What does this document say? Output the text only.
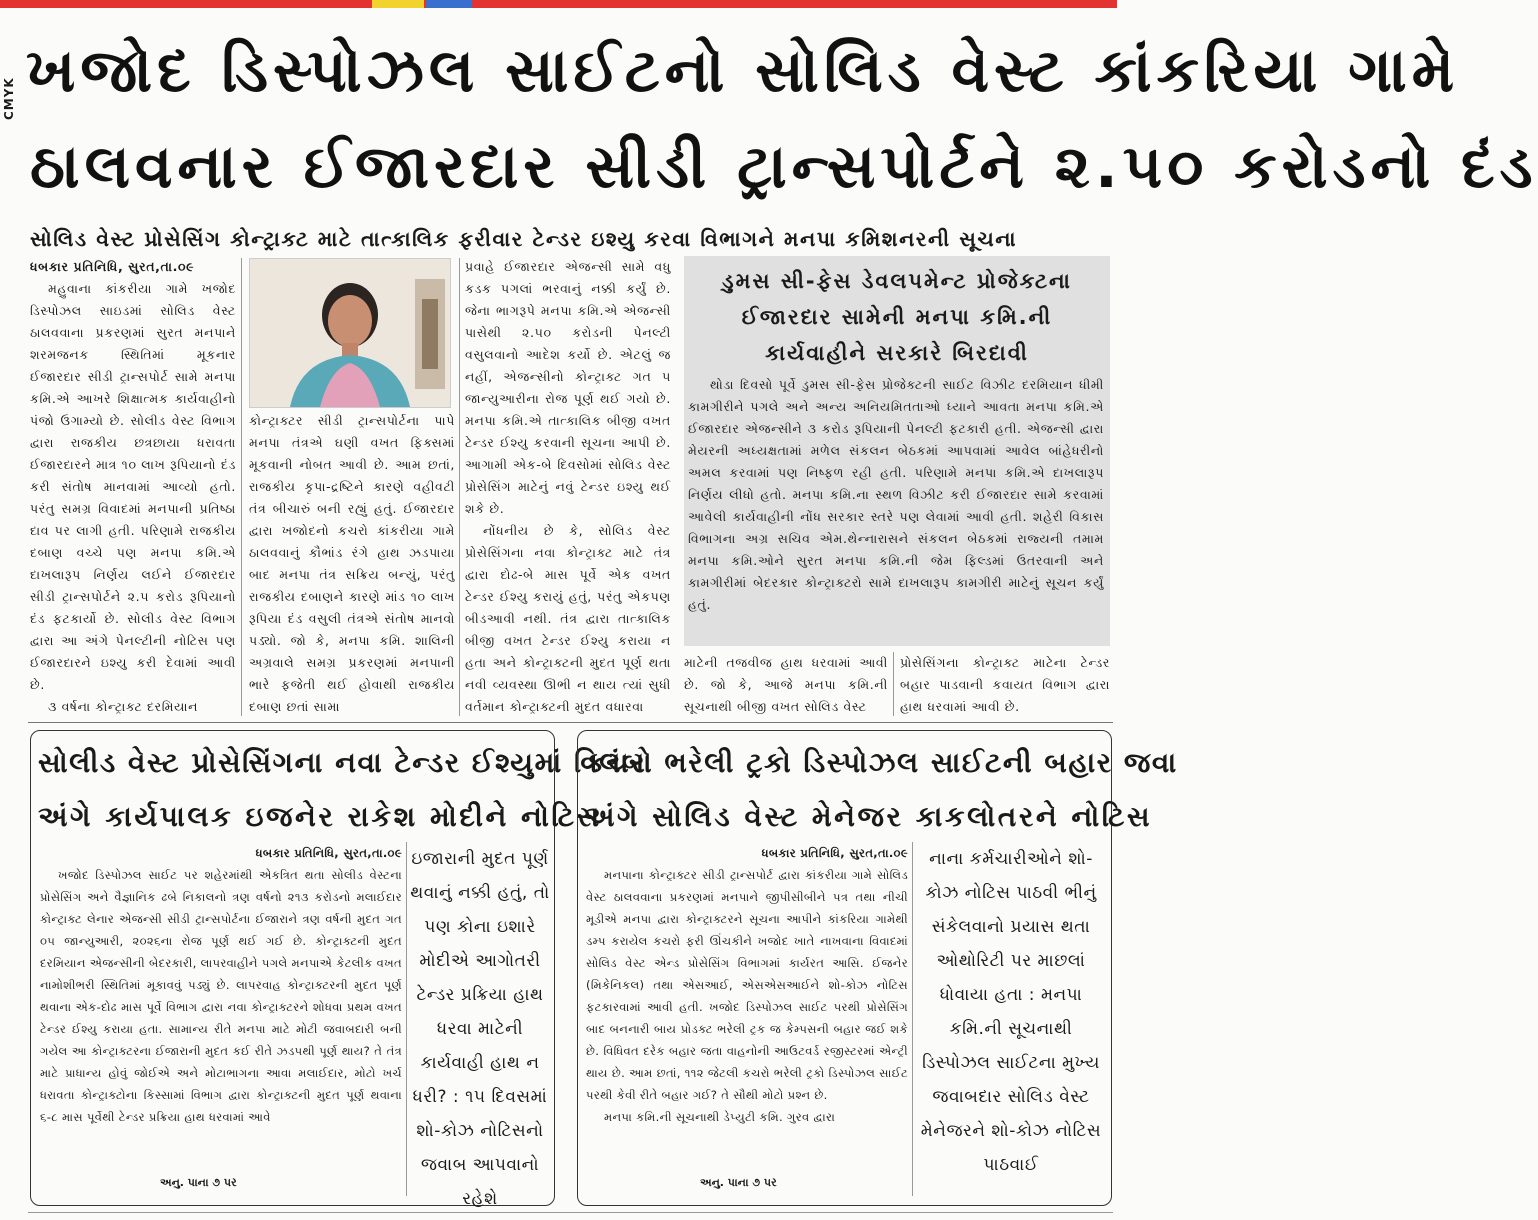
CMYK ખજોદ ડિસ્પોઝલ સાઈટનો સોલિડ વેસ્ટ કાંકરિયા ગામે
ઠાલવનાર ઈજારદાર સીડી ટ્રાન્સપોર્ટને ૨.૫૦ કરોડનો દંડ
સોલિડ વેસ્ટ પ્રોસેસિંગ કોન્ટ્રાક્ટ માટે તાત્કાલિક ફરીવાર ટેન્ડર ઇશ્યુ કરવા વિભાગને મનપા કમિશનરની સૂચના
ધબકાર પ્રતિનિધિ, સુરત,તા.૦૯

મહુવાના કાંકરીયા ગામે ખજોદ ડિસ્પોઝલ સાઇડમાં સોલિડ વેસ્ટ ઠાલવવાના પ્રકરણમાં સુરત મનપાને શરમજનક સ્થિતિમાં મૂકનાર ઈજારદાર સીડી ટ્રાન્સપોર્ટ સામે મનપા કમિ.એ આખરે શિક્ષાત્મક કાર્યવાહીનો પંજો ઉગામ્યો છે. સોલીડ વેસ્ટ વિભાગ દ્વારા રાજકીય છત્રછાયા ધરાવતા ઈજારદારને માત્ર ૧૦ લાખ રૂપિયાનો દંડ કરી સંતોષ માનવામાં આવ્યો હતો. પરંતુ સમગ્ર વિવાદમાં મનપાની પ્રતિષ્ઠા દાવ પર લાગી હતી. પરિણામે રાજકીય દબાણ વચ્ચે પણ મનપા કમિ.એ દાખલારૂપ નિર્ણય લઈને ઈજારદાર સીડી ટ્રાન્સપોર્ટને ૨.૫ કરોડ રૂપિયાનો દંડ ફટકાર્યો છે. સોલીડ વેસ્ટ વિભાગ દ્વારા આ અંગે પેનલ્ટીની નોટિસ પણ ઈજારદારને ઇશ્યુ કરી દેવામાં આવી છે.

૩ વર્ષના કોન્ટ્રાક્ટ દરમિયાન

કોન્ટ્રાક્ટર સીડી ટ્રાન્સપોર્ટના પાપે મનપા તંત્રએ ઘણી વખત ફિક્સમાં મૂકવાની નોબત આવી છે. આમ છતાં, રાજકીય કૃપા-દ્રષ્ટિને કારણે વહીવટી તંત્ર બીચારું બની રહ્યું હતું. ઈજારદાર દ્વારા ખજોદનો કચરો કાંકરીયા ગામે ઠાલવવાનું કૌભાંડ રંગે હાથ ઝડપાયા બાદ મનપા તંત્ર સક્રિય બન્યું, પરંતુ રાજકીય દબાણને કારણે માંડ ૧૦ લાખ રૂપિયા દંડ વસુલી તંત્રએ સંતોષ માનવો પડ્યો. જો કે, મનપા કમિ. શાલિની અગ્રવાલે સમગ્ર પ્રકરણમાં મનપાની ભારે ફજેતી થઈ હોવાથી રાજકીય દબાણ છતાં સામા

પ્રવાહે ઈજારદાર એજન્સી સામે વધુ કડક પગલાં ભરવાનું નક્કી કર્યું છે. જેના ભાગરૂપે મનપા કમિ.એ એજન્સી પાસેથી ૨.૫૦ કરોડની પેનલ્ટી વસુલવાનો આદેશ કર્યો છે. એટલું જ નહીં, એજન્સીનો કોન્ટ્રાક્ટ ગત ૫ જાન્યુઆરીના રોજ પૂર્ણ થઈ ગયો છે. મનપા કમિ.એ તાત્કાલિક બીજી વખત ટેન્ડર ઈશ્યુ કરવાની સૂચના આપી છે. આગામી એક-બે દિવસોમાં સોલિડ વેસ્ટ પ્રોસેસિંગ માટેનું નવું ટેન્ડર ઇશ્યુ થઈ શકે છે.

નોંધનીય છે કે, સોલિડ વેસ્ટ પ્રોસેસિંગના નવા કોન્ટ્રાક્ટ માટે તંત્ર દ્વારા દોઢ-બે માસ પૂર્વે એક વખત ટેન્ડર ઈશ્યુ કરાયું હતું, પરંતુ એકપણ બીડઆવી નથી. તંત્ર દ્વારા તાત્કાલિક બીજી વખત ટેન્ડર ઈશ્યુ કરાયા ન હતા અને કોન્ટ્રાક્ટની મુદત પૂર્ણ થતા નવી વ્યવસ્થા ઊભી ન થાય ત્યાં સુધી વર્તમાન કોન્ટ્રાક્ટની મુદત વધારવા

ડુમસ સી-ફેસ ડેવલપમેન્ટ પ્રોજેક્ટના
ઈજારદાર સામેની મનપા કમિ.ની
કાર્યવાહીને સરકારે બિરદાવી

થોડા દિવસો પૂર્વે ડુમસ સી-ફેસ પ્રોજેક્ટની સાઈટ વિઝીટ દરમિયાન ધીમી કામગીરીને પગલે અને અન્ય અનિયમિતતાઓ ધ્યાને આવતા મનપા કમિ.એ ઈજારદાર એજન્સીને ૩ કરોડ રૂપિયાની પેનલ્ટી ફટકારી હતી. એજન્સી દ્વારા મેયરની અધ્યક્ષતામાં મળેલ સંકલન બેઠકમાં આપવામાં આવેલ બાંહેધરીનો અમલ કરવામાં પણ નિષ્ફળ રહી હતી. પરિણામે મનપા કમિ.એ દાખલારૂપ નિર્ણય લીધો હતો. મનપા કમિ.ના સ્થળ વિઝીટ કરી ઈજારદાર સામે કરવામાં આવેલી કાર્યવાહીની નોંધ સરકાર સ્તરે પણ લેવામાં આવી હતી. શહેરી વિકાસ વિભાગના અગ્ર સચિવ એમ.થેન્નારાસને સંકલન બેઠકમાં રાજ્યની તમામ મનપા કમિ.ઓને સુરત મનપા કમિ.ની જેમ ફિલ્ડમાં ઉતરવાની અને કામગીરીમાં બેદરકાર કોન્ટ્રાક્ટરો સામે દાખલારૂપ કામગીરી માટેનું સૂચન કર્યું હતું.

માટેની તજવીજ હાથ ધરવામાં આવી છે. જો કે, આજે મનપા કમિ.ની સૂચનાથી બીજી વખત સોલિડ વેસ્ટ

પ્રોસેસિંગના કોન્ટ્રાક્ટ માટેના ટેન્ડર બહાર પાડવાની કવાયત વિભાગ દ્વારા હાથ ધરવામાં આવી છે.

સોલીડ વેસ્ટ પ્રોસેસિંગના નવા ટેન્ડર ઈશ્યુમાં વિલંબ
અંગે કાર્યપાલક ઇજનેર રાકેશ મોદીને નોટિસ
ધબકાર પ્રતિનિધિ, સુરત,તા.૦૯

ખજોદ ડિસ્પોઝલ સાઈટ પર શહેરમાંથી એકત્રિત થતા સોલીડ વેસ્ટના પ્રોસેસિંગ અને વૈજ્ઞાનિક ઢબે નિકાલનો ત્રણ વર્ષનો ૨૧૩ કરોડનો મલાઈદાર કોન્ટ્રાક્ટ લેનાર એજન્સી સીડી ટ્રાન્સપોર્ટના ઈજારાને ત્રણ વર્ષની મુદત ગત ૦૫ જાન્યુઆરી, ૨૦૨૬ના રોજ પૂર્ણ થઈ ગઈ છે. કોન્ટ્રાક્ટની મુદત દરમિયાન એજન્સીની બેદરકારી, લાપરવાહીને પગલે મનપાએ કેટલીક વખત નામોશીભરી સ્થિતિમાં મૂકાવવું પડ્યું છે. લાપરવાહ કોન્ટ્રાક્ટરની મુદત પૂર્ણ થવાના એક-દોઢ માસ પૂર્વે વિભાગ દ્વારા નવા કોન્ટ્રાક્ટરને શોધવા પ્રથમ વખત ટેન્ડર ઈશ્યુ કરાયા હતા. સામાન્ય રીતે મનપા માટે મોટી જવાબદારી બની ગયેલ આ કોન્ટ્રાક્ટરના ઈજારાની મુદત કઈ રીતે ઝડપથી પૂર્ણ થાય? તે તંત્ર માટે પ્રાધાન્ય હોવું જોઈએ અને મોટાભાગના આવા મલાઈદાર, મોટો ખર્ચ ધરાવતા કોન્ટ્રાક્ટોના કિસ્સામાં વિભાગ દ્વારા કોન્ટ્રાક્ટની મુદત પૂર્ણ થવાના ૬-૮ માસ પૂર્વેથી ટેન્ડર પ્રક્રિયા હાથ ધરવામાં આવે

અનુ. પાના ૭ પર
ઇજારાની મુદત પૂર્ણ થવાનું નક્કી હતું, તો પણ કોના ઇશારે મોદીએ આગોતરી ટેન્ડર પ્રક્રિયા હાથ ધરવા માટેની કાર્યવાહી હાથ ન ધરી? : ૧૫ દિવસમાં શો-કોઝ નોટિસનો જવાબ આપવાનો રહેશે
કચરો ભરેલી ટ્રકો ડિસ્પોઝલ સાઈટની બહાર જવા
અંગે સોલિડ વેસ્ટ મેનેજર કાકલોતરને નોટિસ
ધબકાર પ્રતિનિધિ, સુરત,તા.૦૯

મનપાના કોન્ટ્રાક્ટર સીડી ટ્રાન્સપોર્ટ દ્વારા કાંકરીયા ગામે સોલિડ વેસ્ટ ઠાલવવાના પ્રકરણમાં મનપાને જીપીસીબીને પત્ર તથા નીચી મૂડીએ મનપા દ્વારા કોન્ટ્રાક્ટરને સૂચના આપીને કાંકરિયા ગામેથી ડમ્પ કરાયેલ કચરો ફરી ઊંચકીને ખજોદ ખાતે નાખવાના વિવાદમાં સોલિડ વેસ્ટ એન્ડ પ્રોસેસિંગ વિભાગમાં કાર્યરત આસિ. ઈજનેર (મિકેનિકલ) તથા એસઆઈ, એસએસઆઈને શો-કોઝ નોટિસ ફટકારવામાં આવી હતી. ખજોદ ડિસ્પોઝલ સાઈટ પરથી પ્રોસેસિંગ બાદ બનનારી બાય પ્રોડક્ટ ભરેલી ટ્રક જ કેમ્પસની બહાર જઈ શકે છે. વિધિવત દરેક બહાર જતા વાહનોની આઉટવર્ડ રજીસ્ટરમાં એન્ટ્રી થાય છે. આમ છતાં, ૧૧૨ જેટલી કચરો ભરેલી ટ્રકો ડિસ્પોઝલ સાઈટ પરથી કેવી રીતે બહાર ગઈ? તે સૌથી મોટો પ્રશ્ન છે.

મનપા કમિ.ની સૂચનાથી ડેપ્યુટી કમિ. ગુરવ દ્વારા

અનુ. પાના ૭ પર
નાના કર્મચારીઓને શો-કોઝ નોટિસ પાઠવી ભીનું સંકેલવાનો પ્રયાસ થતા ઓથોરિટી પર માછલાં ધોવાયા હતા : મનપા કમિ.ની સૂચનાથી ડિસ્પોઝલ સાઈટના મુખ્ય જવાબદાર સોલિડ વેસ્ટ મેનેજરને શો-કોઝ નોટિસ પાઠવાઈ
